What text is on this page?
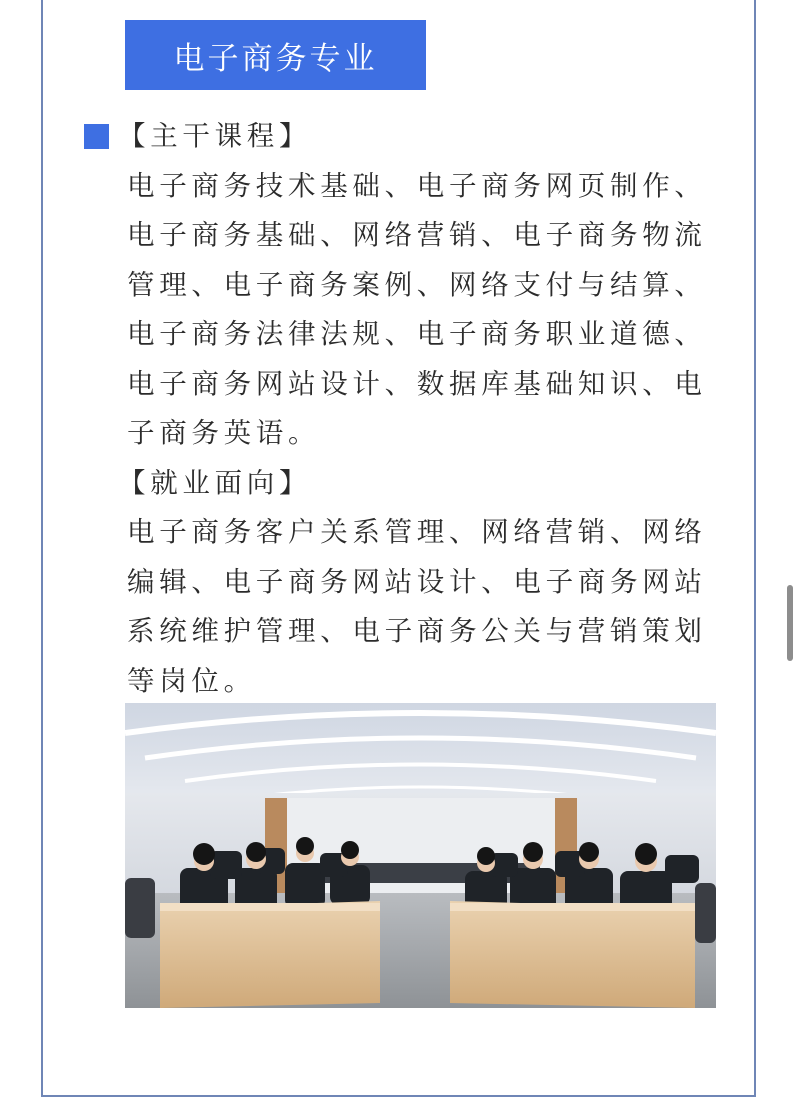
电子商务专业
【主干课程】
电子商务技术基础、电子商务网页制作、
电子商务基础、网络营销、电子商务物流
管理、电子商务案例、网络支付与结算、
电子商务法律法规、电子商务职业道德、
电子商务网站设计、数据库基础知识、电
子商务英语。
【就业面向】
电子商务客户关系管理、网络营销、网络
编辑、电子商务网站设计、电子商务网站
系统维护管理、电子商务公关与营销策划
等岗位。
